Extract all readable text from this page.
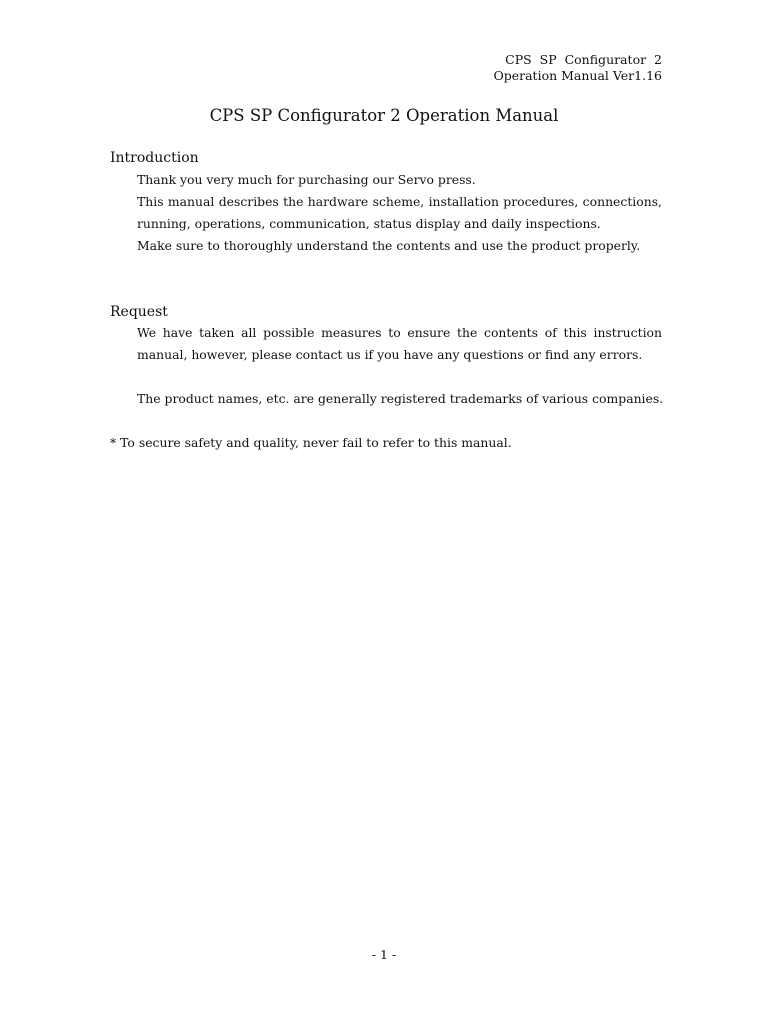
CPS SP Configurator 2
Operation Manual Ver1.16
CPS SP Configurator 2 Operation Manual
Introduction
Thank you very much for purchasing our Servo press.
This manual describes the hardware scheme, installation procedures, connections,
running, operations, communication, status display and daily inspections.
Make sure to thoroughly understand the contents and use the product properly.
Request
We have taken all possible measures to ensure the contents of this instruction
manual, however, please contact us if you have any questions or find any errors.
The product names, etc. are generally registered trademarks of various companies.
* To secure safety and quality, never fail to refer to this manual.
- 1 -
